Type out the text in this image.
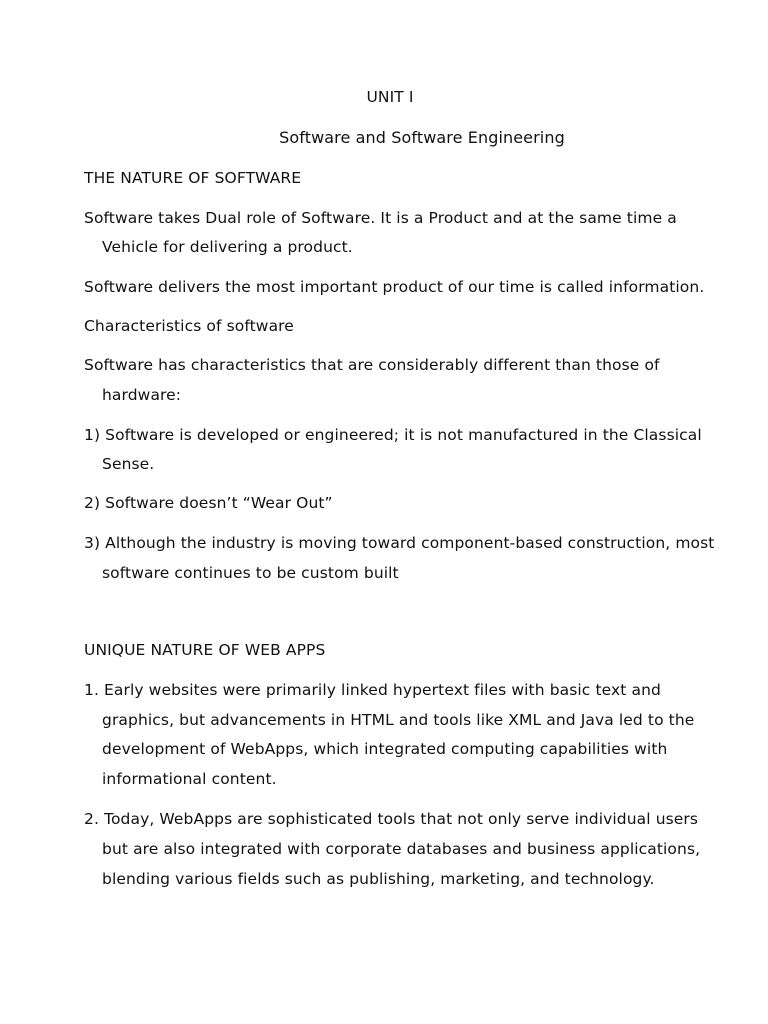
UNIT I
Software and Software Engineering
THE NATURE OF SOFTWARE
Software takes Dual role of Software. It is a Product and at the same time a
Vehicle for delivering a product.
Software delivers the most important product of our time is called information.
Characteristics of software
Software has characteristics that are considerably different than those of
hardware:
1) Software is developed or engineered; it is not manufactured in the Classical
Sense.
2) Software doesn’t “Wear Out”
3) Although the industry is moving toward component-based construction, most
software continues to be custom built
UNIQUE NATURE OF WEB APPS
1. Early websites were primarily linked hypertext files with basic text and
graphics, but advancements in HTML and tools like XML and Java led to the
development of WebApps, which integrated computing capabilities with
informational content.
2. Today, WebApps are sophisticated tools that not only serve individual users
but are also integrated with corporate databases and business applications,
blending various fields such as publishing, marketing, and technology.
